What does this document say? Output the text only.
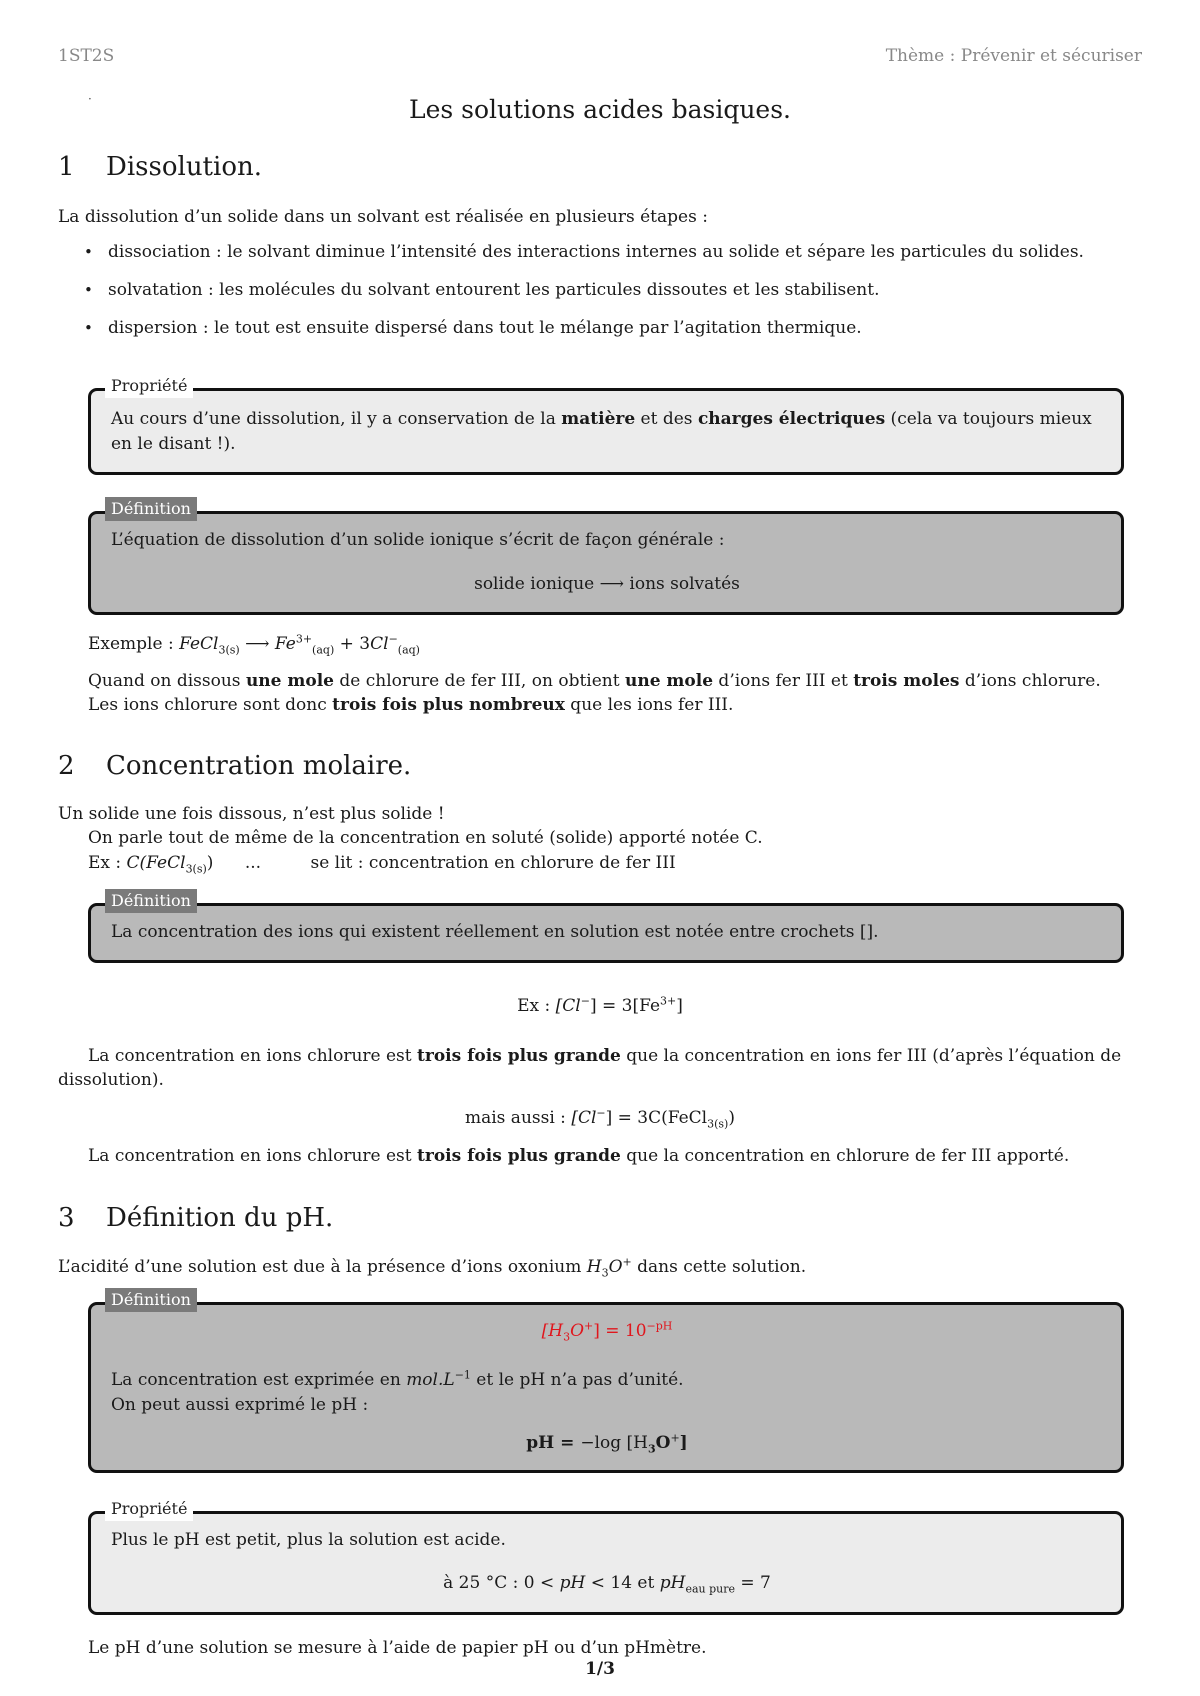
1ST2S	Thème : Prévenir et sécuriser
·	Les solutions acides basiques.
1 Dissolution.
La dissolution d’un solide dans un solvant est réalisée en plusieurs étapes :
• dissociation : le solvant diminue l’intensité des interactions internes au solide et sépare les particules du solides.
• solvatation : les molécules du solvant entourent les particules dissoutes et les stabilisent.
• dispersion : le tout est ensuite dispersé dans tout le mélange par l’agitation thermique.
Propriété
Au cours d’une dissolution, il y a conservation de la matière et des charges électriques (cela va toujours mieux en le disant !).
Définition
L’équation de dissolution d’un solide ionique s’écrit de façon générale :
solide ionique ⟶ ions solvatés
Exemple : FeCl$_{3(s)}$ ⟶ $Fe^{3+}_{(aq)} + 3Cl^-_{(aq)}$
Quand on dissous une mole de chlorure de fer III, on obtient une mole d’ions fer III et trois moles d’ions chlorure.
Les ions chlorure sont donc trois fois plus nombreux que les ions fer III.
2 Concentration molaire.
Un solide une fois dissous, n’est plus solide !
On parle tout de même de la concentration en soluté (solide) apporté notée C.
Ex : C(FeCl$_{3(s)}$) ...	se lit : concentration en chlorure de fer III
Définition
La concentration des ions qui existent réellement en solution est notée entre crochets [].
Ex : $[Cl^-] = 3[Fe^{3+}]$
La concentration en ions chlorure est trois fois plus grande que la concentration en ions fer III (d’après l’équation de
dissolution).
mais aussi : [Cl−] = 3C(FeCl$_{3(s)}$)
La concentration en ions chlorure est trois fois plus grande que la concentration en chlorure de fer III apporté.
3 Définition du pH.
L’acidité d’une solution est due à la présence d’ions oxonium $H_3O^+$ dans cette solution.
Définition
$[H_3O^+] = 10^{-pH}$
La concentration est exprimée en $mol.L^{-1}$ et le pH n’a pas d’unité.
On peut aussi exprimé le pH :
pH = −log $[H_3O^+]$
Propriété
Plus le pH est petit, plus la solution est acide.
à 25 °C : 0 < pH < 14 et $pH_{eau pure} = 7$
Le pH d’une solution se mesure à l’aide de papier pH ou d’un pHmètre.
1/3
